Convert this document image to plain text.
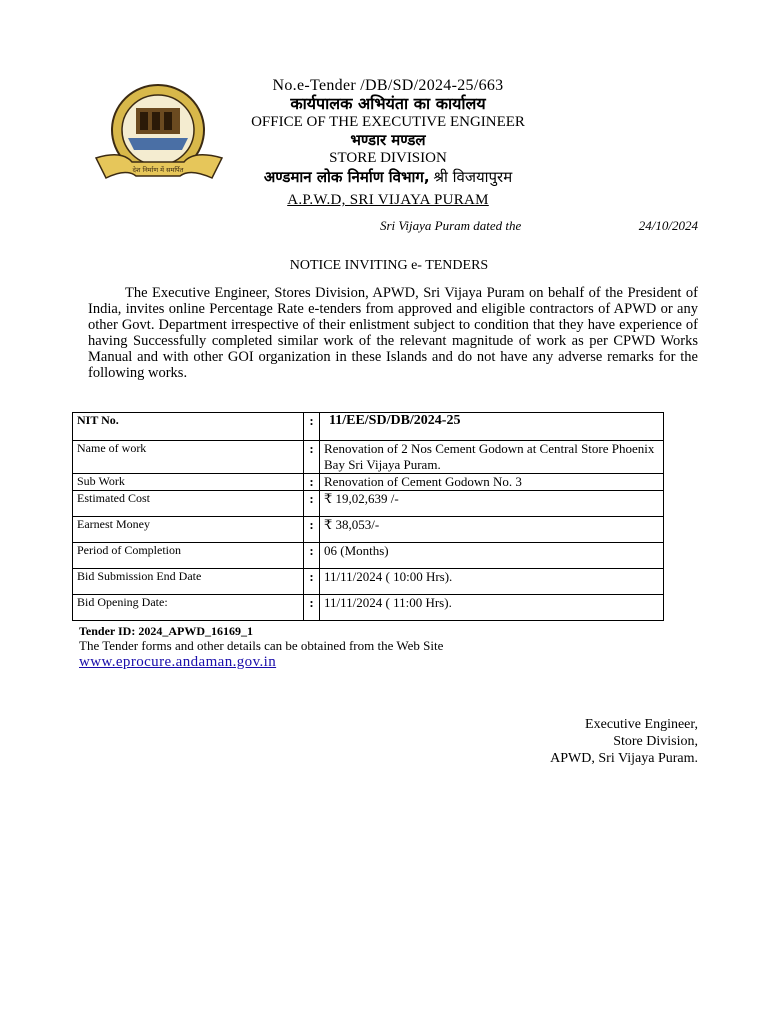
देश निर्माण में समर्पित
No.e-Tender /DB/SD/2024-25/663
कार्यपालक अभियंता का कार्यालय
OFFICE OF THE EXECUTIVE ENGINEER
भण्डार मण्डल
STORE DIVISION
अण्डमान लोक निर्माण विभाग, श्री विजयापुरम
A.P.W.D, SRI VIJAYA PURAM
Sri Vijaya Puram dated the	24/10/2024
NOTICE INVITING e- TENDERS
The Executive Engineer, Stores Division, APWD, Sri Vijaya Puram on behalf of the President of India, invites online Percentage Rate e-tenders from approved and eligible contractors of APWD or any other Govt. Department irrespective of their enlistment subject to condition that they have experience of having Successfully completed similar work of the relevant magnitude of work as per CPWD Works Manual and with other GOI organization in these Islands and do not have any adverse remarks for the following works.
NIT No.	:	11/EE/SD/DB/2024-25
Name of work	:	Renovation of 2 Nos Cement Godown at Central Store Phoenix Bay Sri Vijaya Puram.
Sub Work	:	Renovation of Cement Godown No. 3
Estimated Cost	:	₹ 19,02,639 /-
Earnest Money	:	₹ 38,053/-
Period of Completion	:	06 (Months)
Bid Submission End Date	:	11/11/2024 ( 10:00 Hrs).
Bid Opening Date:	:	11/11/2024 ( 11:00 Hrs).
Tender ID: 2024_APWD_16169_1
The Tender forms and other details can be obtained from the Web Site
www.eprocure.andaman.gov.in
Executive Engineer,
Store Division,
APWD, Sri Vijaya Puram.
